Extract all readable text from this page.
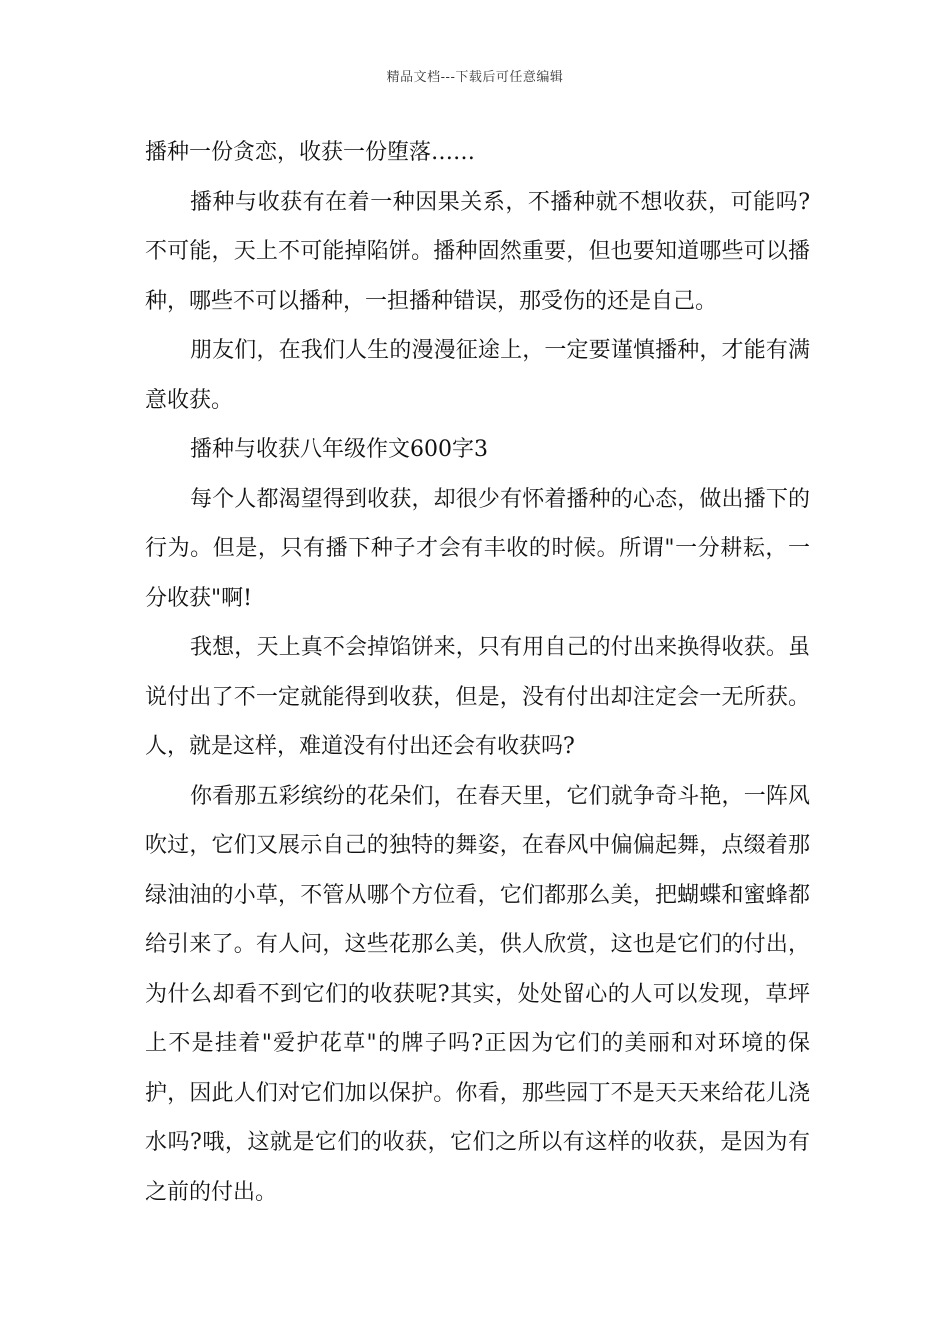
精品文档---下载后可任意编辑

播种一份贪恋，收获一份堕落……

播种与收获有在着一种因果关系，不播种就不想收获，可能吗?不可能，天上不可能掉陷饼。播种固然重要，但也要知道哪些可以播种，哪些不可以播种，一担播种错误，那受伤的还是自己。

朋友们，在我们人生的漫漫征途上，一定要谨慎播种，才能有满意收获。

播种与收获八年级作文600字3

每个人都渴望得到收获，却很少有怀着播种的心态，做出播下的行为。但是，只有播下种子才会有丰收的时候。所谓"一分耕耘，一分收获"啊!

我想，天上真不会掉馅饼来，只有用自己的付出来换得收获。虽说付出了不一定就能得到收获，但是，没有付出却注定会一无所获。人，就是这样，难道没有付出还会有收获吗?

你看那五彩缤纷的花朵们，在春天里，它们就争奇斗艳，一阵风吹过，它们又展示自己的独特的舞姿，在春风中偏偏起舞，点缀着那绿油油的小草，不管从哪个方位看，它们都那么美，把蝴蝶和蜜蜂都给引来了。有人问，这些花那么美，供人欣赏，这也是它们的付出，为什么却看不到它们的收获呢?其实，处处留心的人可以发现，草坪上不是挂着"爱护花草"的牌子吗?正因为它们的美丽和对环境的保护，因此人们对它们加以保护。你看，那些园丁不是天天来给花儿浇水吗?哦，这就是它们的收获，它们之所以有这样的收获，是因为有之前的付出。
